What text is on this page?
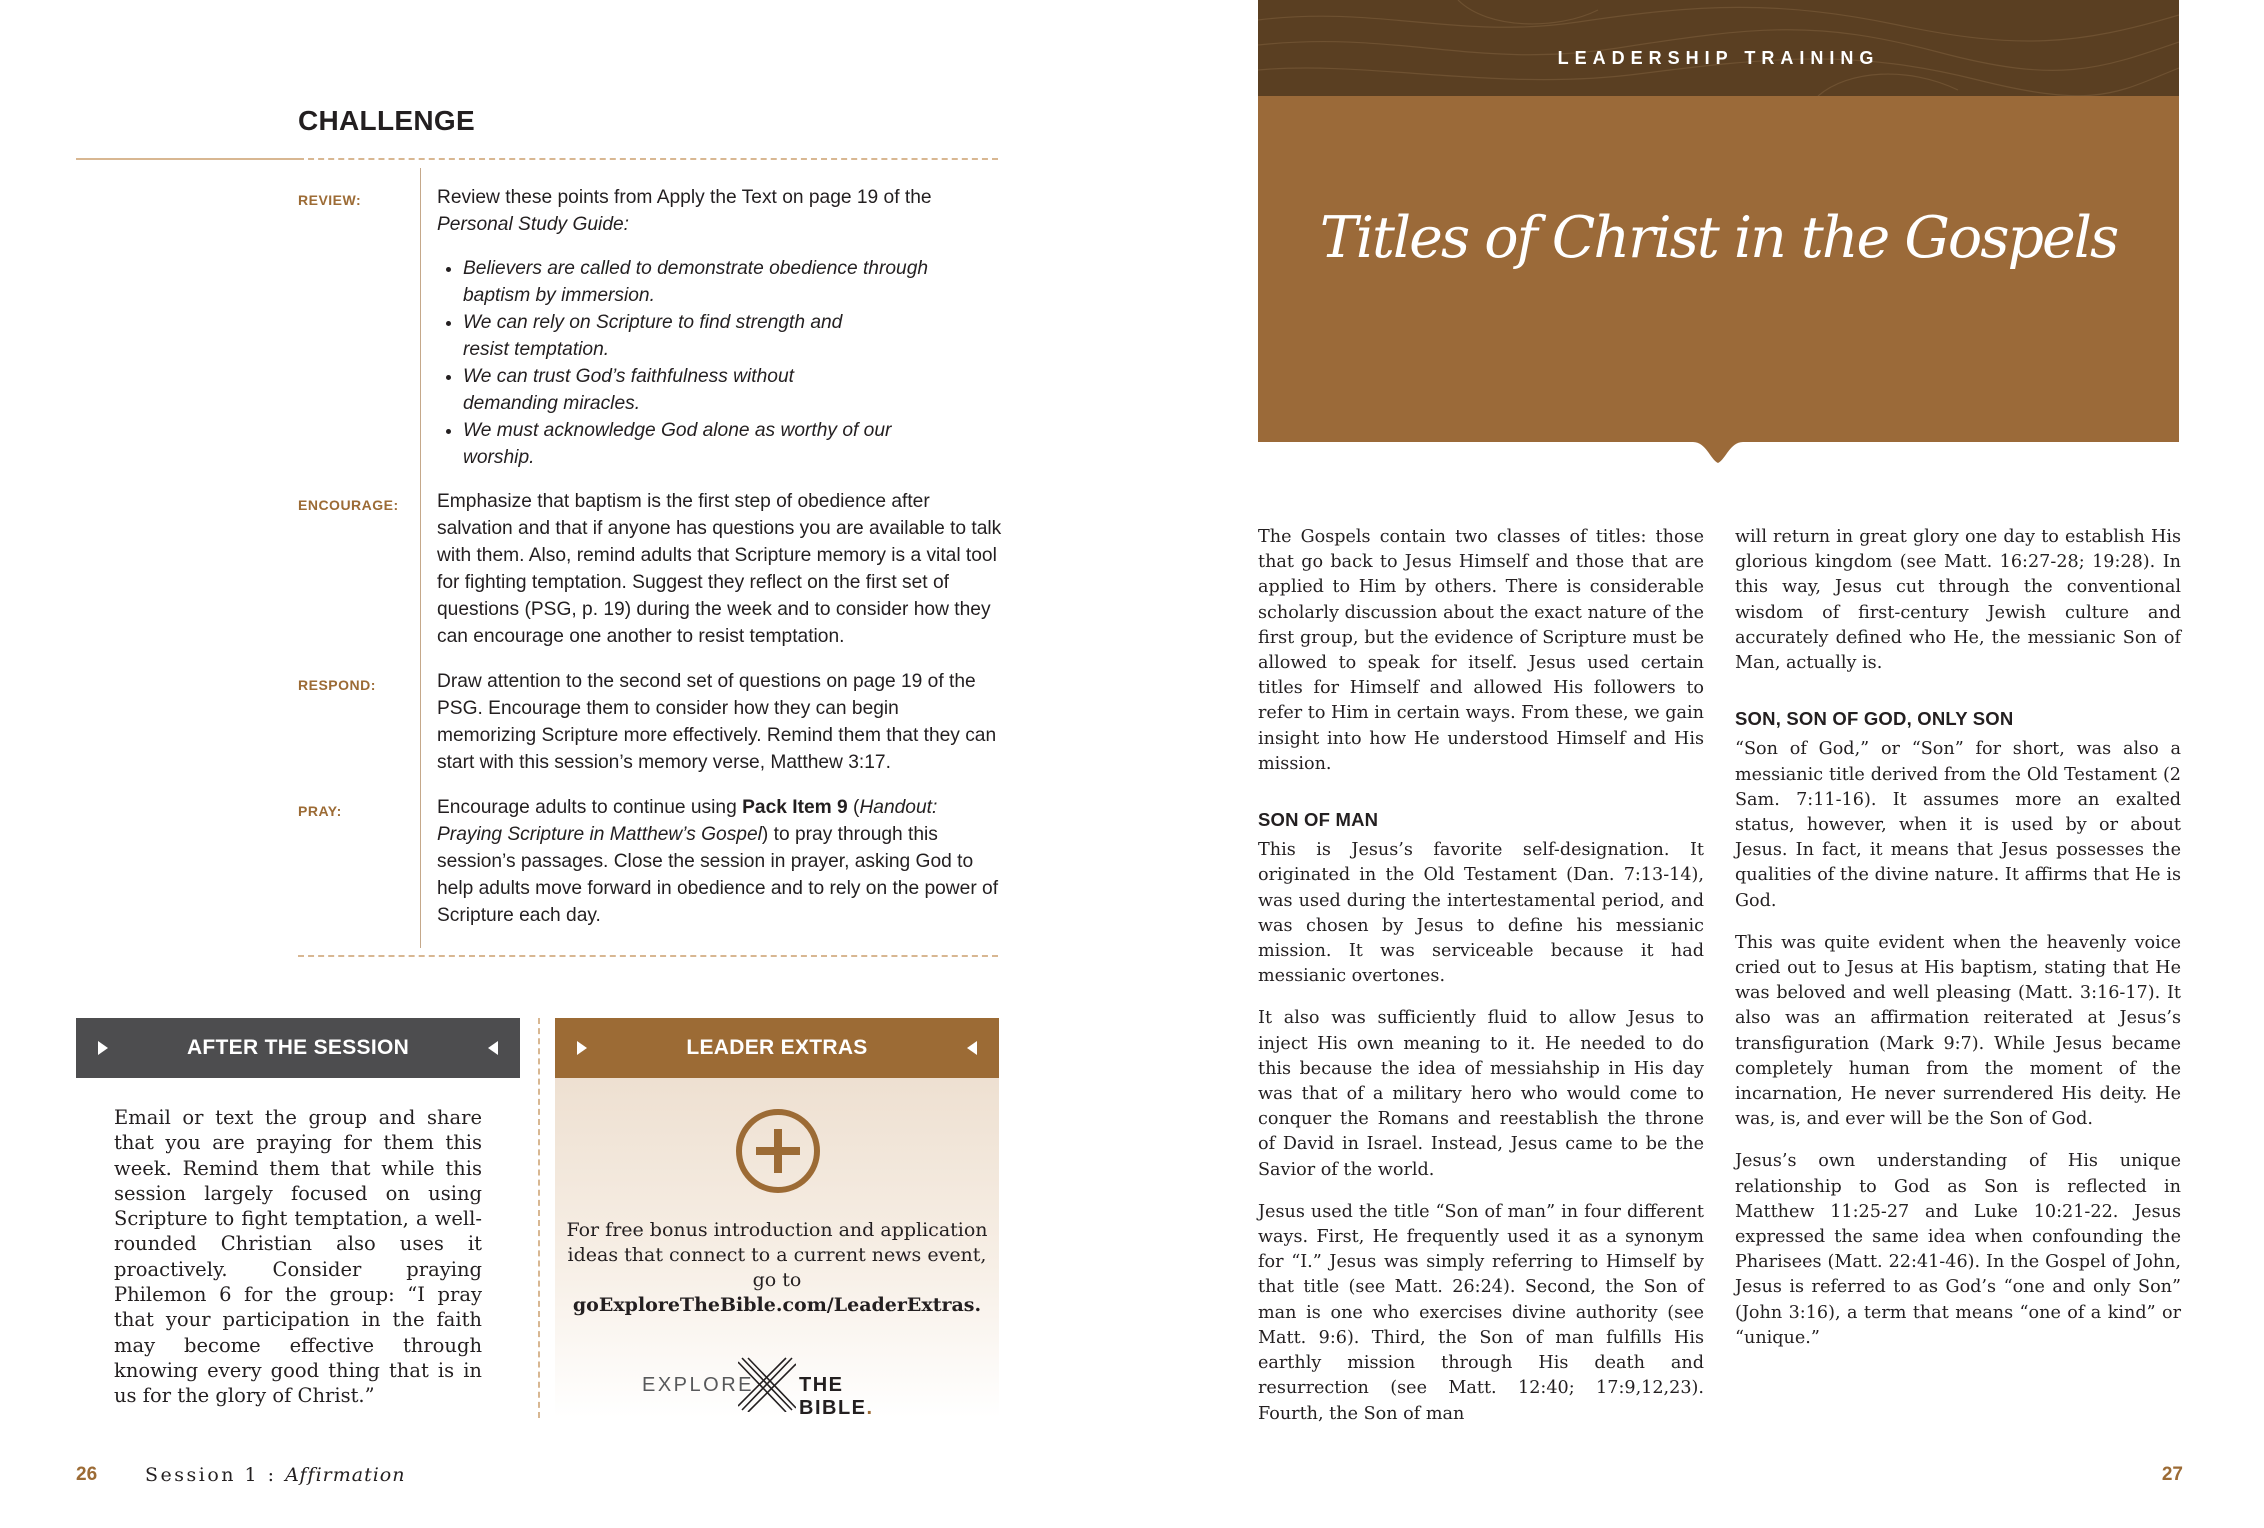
CHALLENGE
REVIEW:	Review these points from Apply the Text on page 19 of the Personal Study Guide:

• Believers are called to demonstrate obedience through baptism by immersion.
• We can rely on Scripture to find strength and resist temptation.
• We can trust God’s faithfulness without demanding miracles.
• We must acknowledge God alone as worthy of our worship.
ENCOURAGE: Emphasize that baptism is the first step of obedience after salvation and that if anyone has questions you are available to talk with them. Also, remind adults that Scripture memory is a vital tool for fighting temptation. Suggest they reflect on the first set of questions (PSG, p. 19) during the week and to consider how they can encourage one another to resist temptation.

RESPOND:	Draw attention to the second set of questions on page 19 of the PSG. Encourage them to consider how they can begin memorizing Scripture more effectively. Remind them that they can start with this session’s memory verse, Matthew 3:17.

PRAY:	Encourage adults to continue using Pack Item 9 (Handout: Praying Scripture in Matthew’s Gospel) to pray through this session’s passages. Close the session in prayer, asking God to help adults move forward in obedience and to rely on the power of Scripture each day.

AFTER THE SESSION

Email or text the group and share that you are praying for them this week. Remind them that while this session largely focused on using Scripture to fight temptation, a well-rounded Christian also uses it proactively. Consider praying Philemon 6 for the group: “I pray that your participation in the faith may become effective through knowing every good thing that is in us for the glory of Christ.”

LEADER EXTRAS

For free bonus introduction and application ideas that connect to a current news event, go to
goExploreTheBible.com/LeaderExtras.

EXPLORE THE BIBLE.
26	Session 1 : Affirmation
LEADERSHIP TRAINING
Titles of Christ in the Gospels

The Gospels contain two classes of titles: those that go back to Jesus Himself and those that are applied to Him by others. There is considerable scholarly discussion about the exact nature of the first group, but the evidence of Scripture must be allowed to speak for itself. Jesus used certain titles for Himself and allowed His followers to refer to Him in certain ways. From these, we gain insight into how He understood Himself and His mission.

SON OF MAN

This is Jesus’s favorite self-designation. It originated in the Old Testament (Dan. 7:13-14), was used during the intertestamental period, and was chosen by Jesus to define his messianic mission. It was serviceable because it had messianic overtones.

It also was sufficiently fluid to allow Jesus to inject His own meaning to it. He needed to do this because the idea of messiahship in His day was that of a military hero who would come to conquer the Romans and reestablish the throne of David in Israel. Instead, Jesus came to be the Savior of the world.

Jesus used the title “Son of man” in four different ways. First, He frequently used it as a synonym for “I.” Jesus was simply referring to Himself by that title (see Matt. 26:24). Second, the Son of man is one who exercises divine authority (see Matt. 9:6). Third, the Son of man fulfills His earthly mission through His death and resurrection (see Matt. 12:40; 17:9,12,23). Fourth, the Son of man

will return in great glory one day to establish His glorious kingdom (see Matt. 16:27-28; 19:28). In this way, Jesus cut through the conventional wisdom of first-century Jewish culture and accurately defined who He, the messianic Son of Man, actually is.

SON, SON OF GOD, ONLY SON

“Son of God,” or “Son” for short, was also a messianic title derived from the Old Testament (2 Sam. 7:11-16). It assumes more an exalted status, however, when it is used by or about Jesus. In fact, it means that Jesus possesses the qualities of the divine nature. It affirms that He is God.

This was quite evident when the heavenly voice cried out to Jesus at His baptism, stating that He was beloved and well pleasing (Matt. 3:16-17). It also was an affirmation reiterated at Jesus’s transfiguration (Mark 9:7). While Jesus became completely human from the moment of the incarnation, He never surrendered His deity. He was, is, and ever will be the Son of God.

Jesus’s own understanding of His unique relationship to God as Son is reflected in Matthew 11:25-27 and Luke 10:21-22. Jesus expressed the same idea when confounding the Pharisees (Matt. 22:41-46). In the Gospel of John, Jesus is referred to as God’s “one and only Son” (John 3:16), a term that means “one of a kind” or “unique.”

27
